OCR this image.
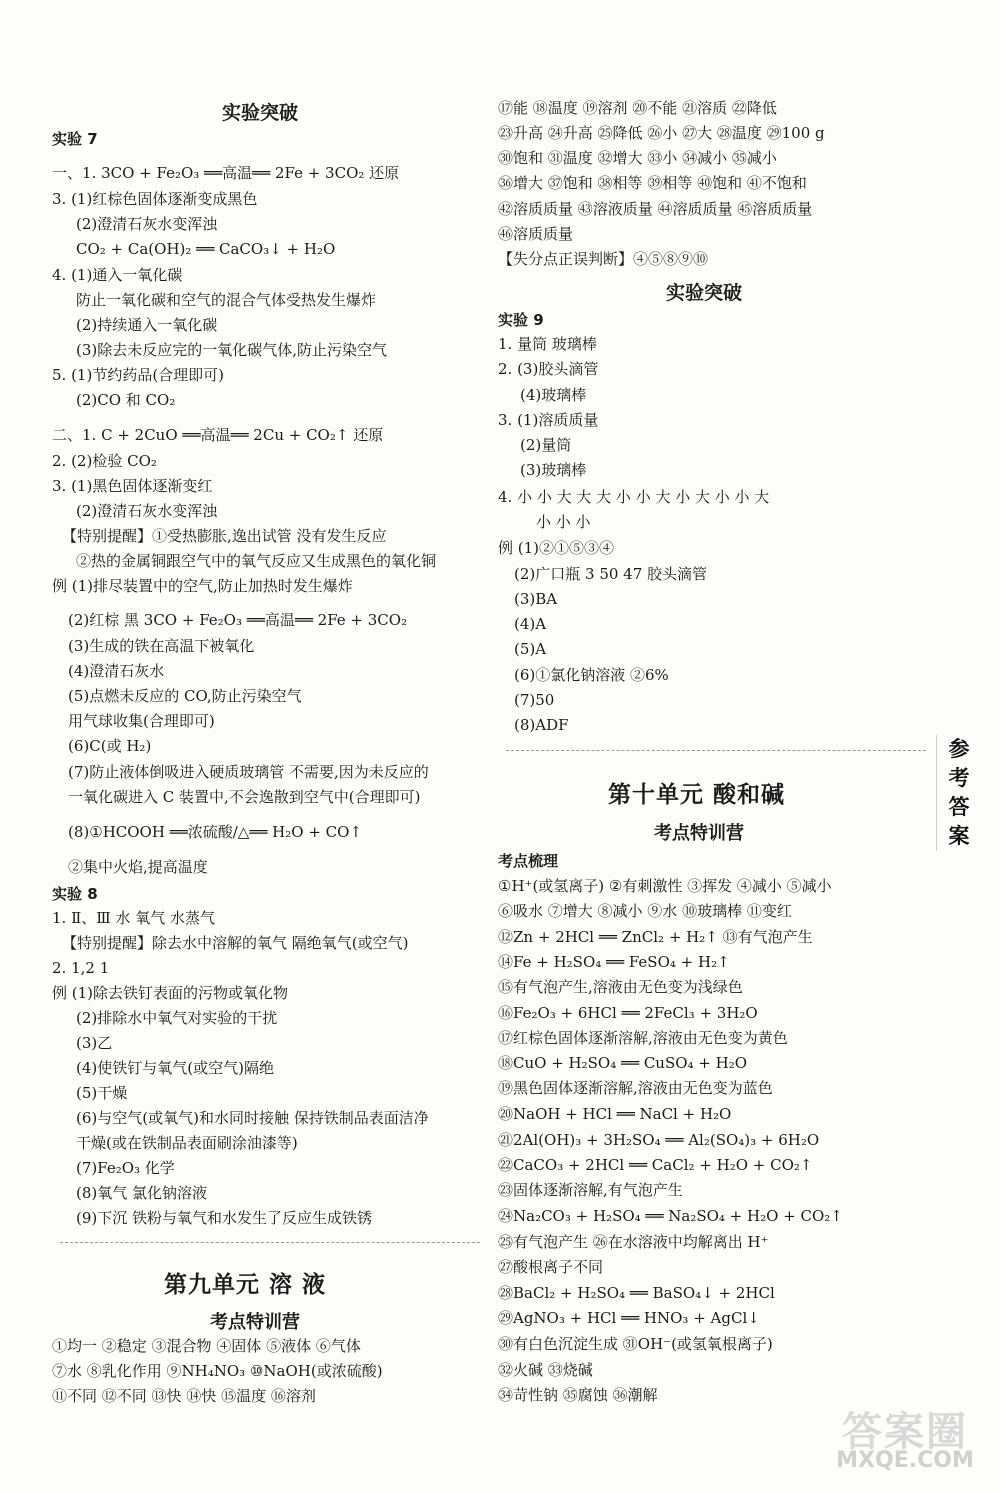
实验突破
实验 7
一、1. 3CO + Fe₂O₃ ══高温══ 2Fe + 3CO₂ 还原
3. (1)红棕色固体逐渐变成黑色
(2)澄清石灰水变浑浊
CO₂ + Ca(OH)₂ ══ CaCO₃↓ + H₂O
4. (1)通入一氧化碳
防止一氧化碳和空气的混合气体受热发生爆炸
(2)持续通入一氧化碳
(3)除去未反应完的一氧化碳气体,防止污染空气
5. (1)节约药品(合理即可)
(2)CO 和 CO₂
二、1. C + 2CuO ══高温══ 2Cu + CO₂↑ 还原
2. (2)检验 CO₂
3. (1)黑色固体逐渐变红
(2)澄清石灰水变浑浊
【特别提醒】①受热膨胀,逸出试管 没有发生反应
②热的金属铜跟空气中的氧气反应又生成黑色的氧化铜
例 (1)排尽装置中的空气,防止加热时发生爆炸
(2)红棕 黑 3CO + Fe₂O₃ ══高温══ 2Fe + 3CO₂
(3)生成的铁在高温下被氧化
(4)澄清石灰水
(5)点燃未反应的 CO,防止污染空气
用气球收集(合理即可)
(6)C(或 H₂)
(7)防止液体倒吸进入硬质玻璃管 不需要,因为未反应的
一氧化碳进入 C 装置中,不会逸散到空气中(合理即可)
(8)①HCOOH ══浓硫酸/△══ H₂O + CO↑
②集中火焰,提高温度
实验 8
1. Ⅱ、Ⅲ 水 氧气 水蒸气
【特别提醒】除去水中溶解的氧气 隔绝氧气(或空气)
2. 1,2 1
例 (1)除去铁钉表面的污物或氧化物
(2)排除水中氧气对实验的干扰
(3)乙
(4)使铁钉与氧气(或空气)隔绝
(5)干燥
(6)与空气(或氧气)和水同时接触 保持铁制品表面洁净
干燥(或在铁制品表面刷涂油漆等)
(7)Fe₂O₃ 化学
(8)氧气 氯化钠溶液
(9)下沉 铁粉与氧气和水发生了反应生成铁锈
第九单元 溶 液
考点特训营
①均一 ②稳定 ③混合物 ④固体 ⑤液体 ⑥气体
⑦水 ⑧乳化作用 ⑨NH₄NO₃ ⑩NaOH(或浓硫酸)
⑪不同 ⑫不同 ⑬快 ⑭快 ⑮温度 ⑯溶剂
⑰能 ⑱温度 ⑲溶剂 ⑳不能 ㉑溶质 ㉒降低
㉓升高 ㉔升高 ㉕降低 ㉖小 ㉗大 ㉘温度 ㉙100 g
㉚饱和 ㉛温度 ㉜增大 ㉝小 ㉞减小 ㉟减小
㊱增大 ㊲饱和 ㊳相等 ㊴相等 ㊵饱和 ㊶不饱和
㊷溶质质量 ㊸溶液质量 ㊹溶质质量 ㊺溶质质量
㊻溶质质量
【失分点正误判断】④⑤⑧⑨⑩
实验突破
实验 9
1. 量筒 玻璃棒
2. (3)胶头滴管
(4)玻璃棒
3. (1)溶质质量
(2)量筒
(3)玻璃棒
4. 小 小 大 大 大 小 小 大 小 大 小 小 大
小 小 小
例 (1)②①⑤③④
(2)广口瓶 3 50 47 胶头滴管
(3)BA
(4)A
(5)A
(6)①氯化钠溶液 ②6%
(7)50
(8)ADF
第十单元 酸和碱
考点特训营
考点梳理
①H⁺(或氢离子) ②有刺激性 ③挥发 ④减小 ⑤减小
⑥吸水 ⑦增大 ⑧减小 ⑨水 ⑩玻璃棒 ⑪变红
⑫Zn + 2HCl ══ ZnCl₂ + H₂↑ ⑬有气泡产生
⑭Fe + H₂SO₄ ══ FeSO₄ + H₂↑
⑮有气泡产生,溶液由无色变为浅绿色
⑯Fe₂O₃ + 6HCl ══ 2FeCl₃ + 3H₂O
⑰红棕色固体逐渐溶解,溶液由无色变为黄色
⑱CuO + H₂SO₄ ══ CuSO₄ + H₂O
⑲黑色固体逐渐溶解,溶液由无色变为蓝色
⑳NaOH + HCl ══ NaCl + H₂O
㉑2Al(OH)₃ + 3H₂SO₄ ══ Al₂(SO₄)₃ + 6H₂O
㉒CaCO₃ + 2HCl ══ CaCl₂ + H₂O + CO₂↑
㉓固体逐渐溶解,有气泡产生
㉔Na₂CO₃ + H₂SO₄ ══ Na₂SO₄ + H₂O + CO₂↑
㉕有气泡产生 ㉖在水溶液中均解离出 H⁺
㉗酸根离子不同
㉘BaCl₂ + H₂SO₄ ══ BaSO₄↓ + 2HCl
㉙AgNO₃ + HCl ══ HNO₃ + AgCl↓
㉚有白色沉淀生成 ㉛OH⁻(或氢氧根离子)
㉜火碱 ㉝烧碱
㉞苛性钠 ㉟腐蚀 ㊱潮解
参
考
答
案
答案圈
MXQE.COM
